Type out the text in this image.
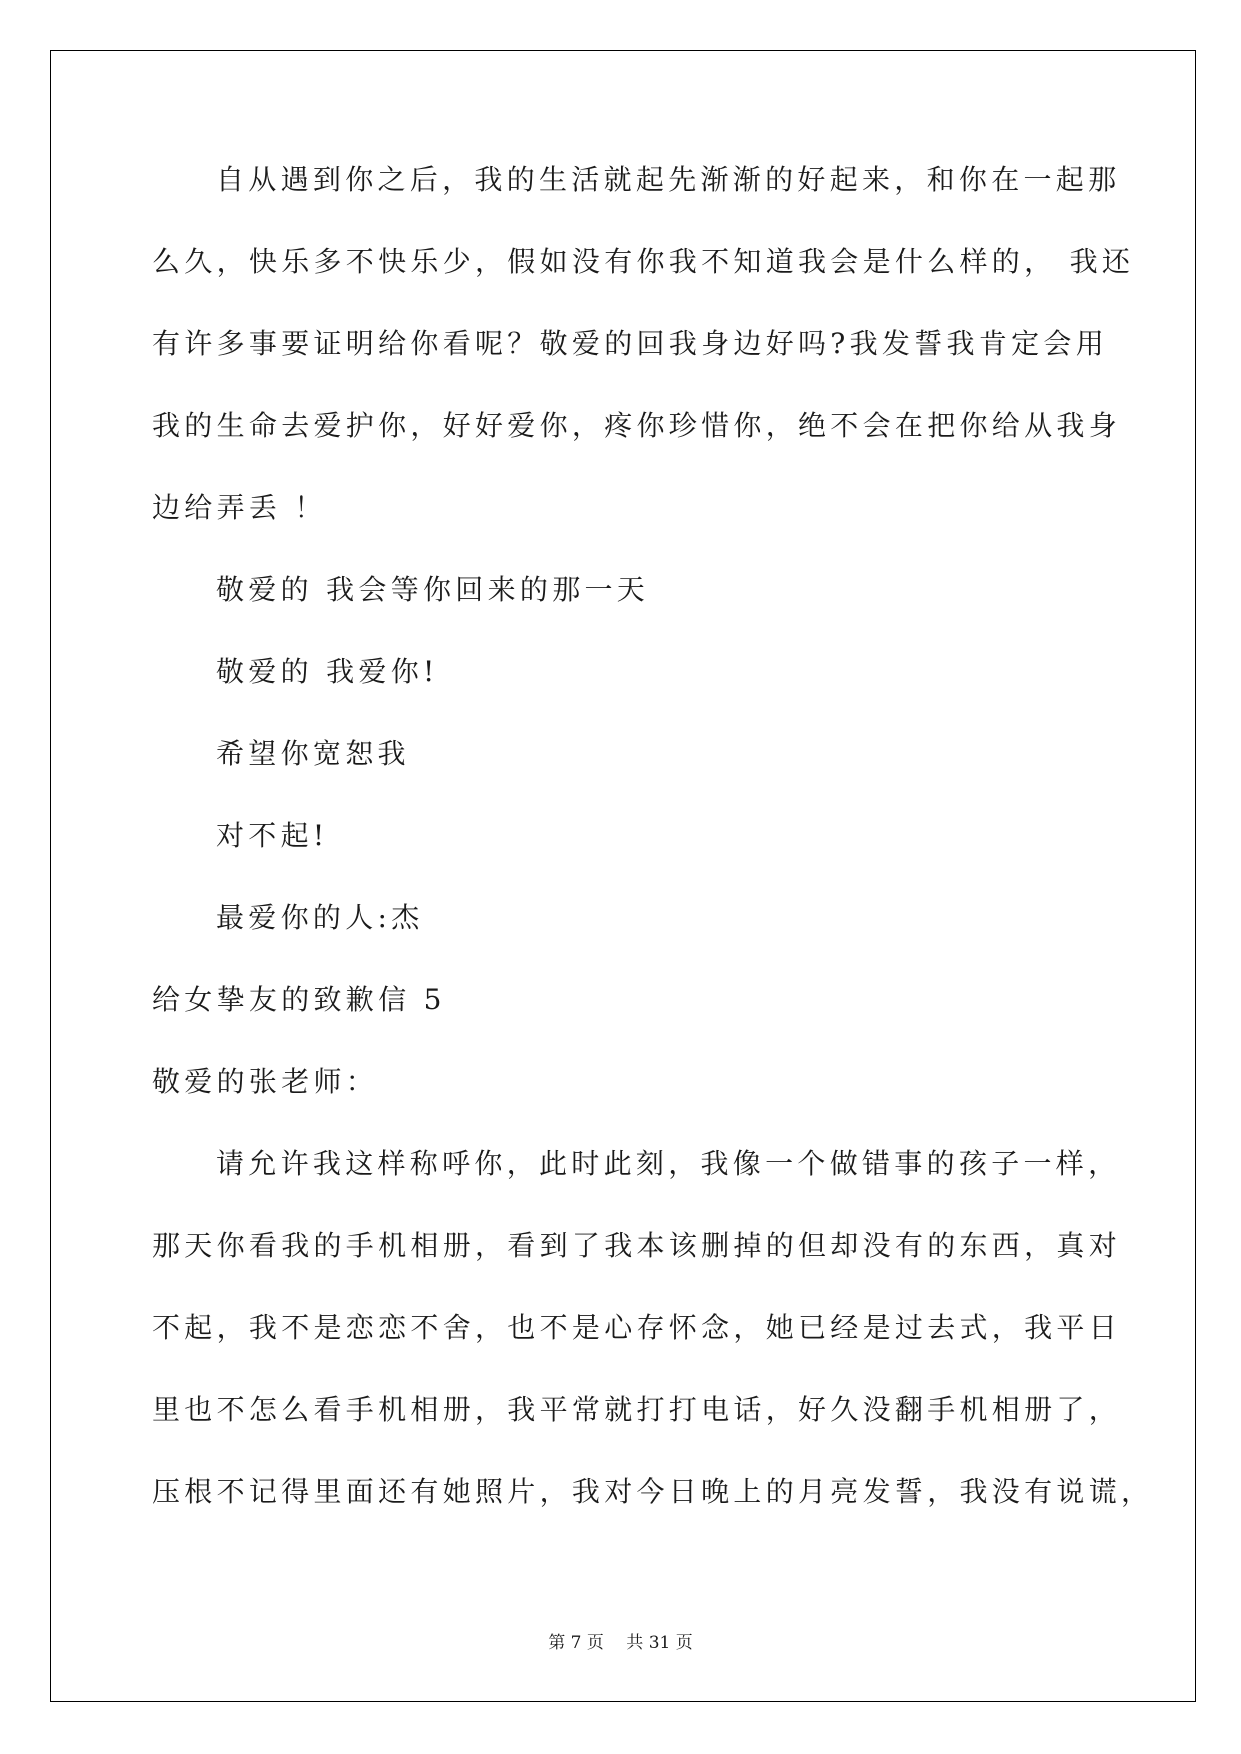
自从遇到你之后，我的生活就起先渐渐的好起来，和你在一起那
么久，快乐多不快乐少，假如没有你我不知道我会是什么样的， 我还
有许多事要证明给你看呢？敬爱的回我身边好吗?我发誓我肯定会用
我的生命去爱护你，好好爱你，疼你珍惜你，绝不会在把你给从我身
边给弄丢 ！
敬爱的 我会等你回来的那一天
敬爱的 我爱你!
希望你宽恕我
对不起!
最爱你的人:杰
给女挚友的致歉信 5
敬爱的张老师：
请允许我这样称呼你，此时此刻，我像一个做错事的孩子一样，
那天你看我的手机相册，看到了我本该删掉的但却没有的东西，真对
不起，我不是恋恋不舍，也不是心存怀念，她已经是过去式，我平日
里也不怎么看手机相册，我平常就打打电话，好久没翻手机相册了，
压根不记得里面还有她照片，我对今日晚上的月亮发誓，我没有说谎，
第 7 页　 共 31 页
